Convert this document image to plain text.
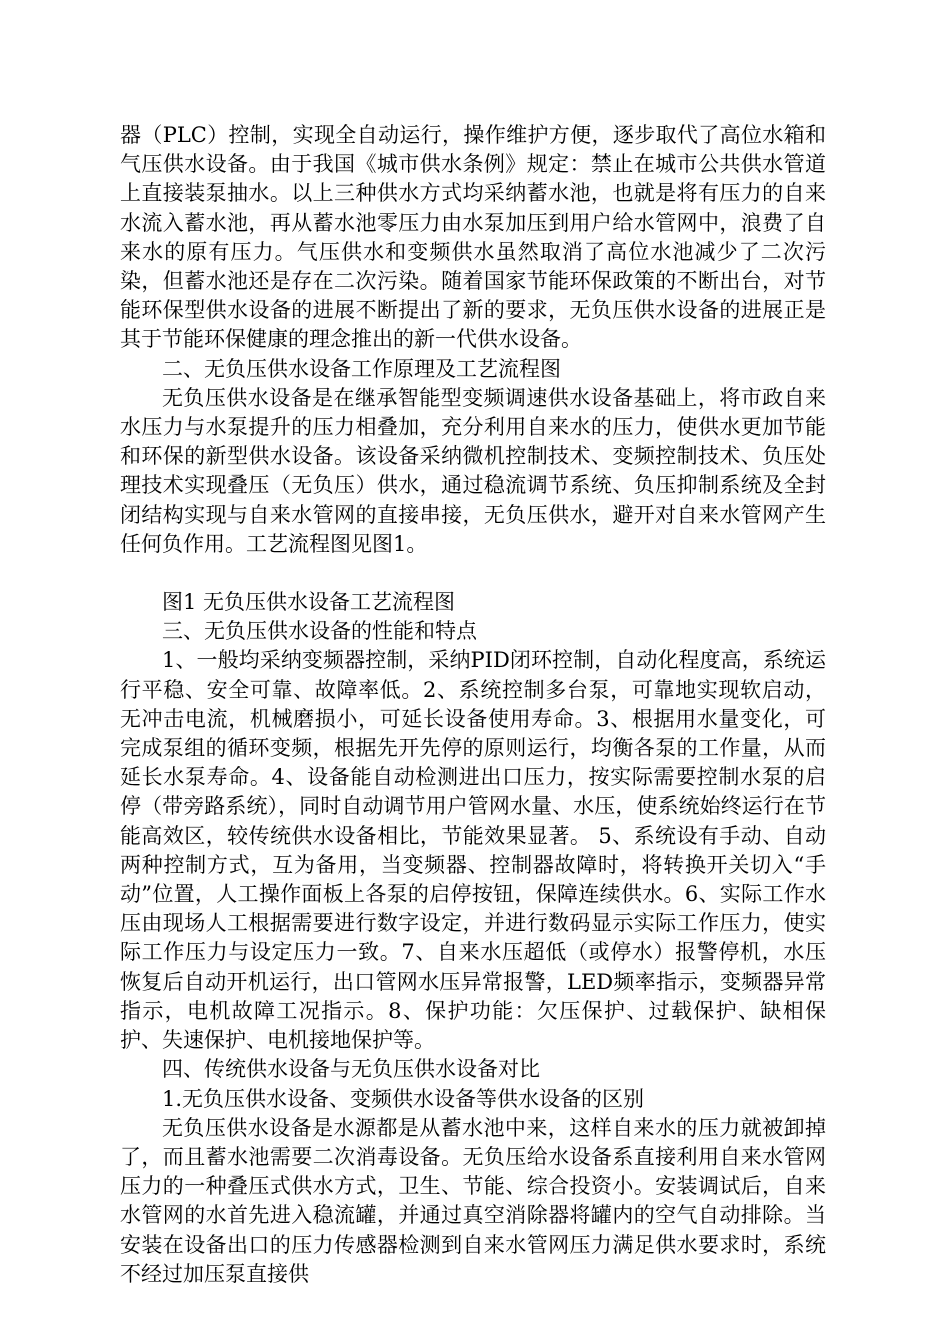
器（PLC）控制，实现全自动运行，操作维护方便，逐步取代了高位水箱和气压供水设备。由于我国《城市供水条例》规定：禁止在城市公共供水管道上直接装泵抽水。以上三种供水方式均采纳蓄水池，也就是将有压力的自来水流入蓄水池，再从蓄水池零压力由水泵加压到用户给水管网中，浪费了自来水的原有压力。气压供水和变频供水虽然取消了高位水池减少了二次污染，但蓄水池还是存在二次污染。随着国家节能环保政策的不断出台，对节能环保型供水设备的进展不断提出了新的要求，无负压供水设备的进展正是其于节能环保健康的理念推出的新一代供水设备。

二、无负压供水设备工作原理及工艺流程图

无负压供水设备是在继承智能型变频调速供水设备基础上，将市政自来水压力与水泵提升的压力相叠加，充分利用自来水的压力，使供水更加节能和环保的新型供水设备。该设备采纳微机控制技术、变频控制技术、负压处理技术实现叠压（无负压）供水，通过稳流调节系统、负压抑制系统及全封闭结构实现与自来水管网的直接串接，无负压供水，避开对自来水管网产生任何负作用。工艺流程图见图1。

图1 无负压供水设备工艺流程图

三、无负压供水设备的性能和特点

1、一般均采纳变频器控制，采纳PID闭环控制，自动化程度高，系统运行平稳、安全可靠、故障率低。2、系统控制多台泵，可靠地实现软启动，无冲击电流，机械磨损小，可延长设备使用寿命。3、根据用水量变化，可完成泵组的循环变频，根据先开先停的原则运行，均衡各泵的工作量，从而延长水泵寿命。4、设备能自动检测进出口压力，按实际需要控制水泵的启停（带旁路系统），同时自动调节用户管网水量、水压，使系统始终运行在节能高效区，较传统供水设备相比，节能效果显著。 5、系统设有手动、自动两种控制方式，互为备用，当变频器、控制器故障时，将转换开关切入“手动”位置，人工操作面板上各泵的启停按钮，保障连续供水。6、实际工作水压由现场人工根据需要进行数字设定，并进行数码显示实际工作压力，使实际工作压力与设定压力一致。7、自来水压超低（或停水）报警停机，水压恢复后自动开机运行，出口管网水压异常报警，LED频率指示，变频器异常指示，电机故障工况指示。8、保护功能：欠压保护、过载保护、缺相保护、失速保护、电机接地保护等。

四、传统供水设备与无负压供水设备对比

1.无负压供水设备、变频供水设备等供水设备的区别

无负压供水设备是水源都是从蓄水池中来，这样自来水的压力就被卸掉了，而且蓄水池需要二次消毒设备。无负压给水设备系直接利用自来水管网压力的一种叠压式供水方式，卫生、节能、综合投资小。安装调试后，自来水管网的水首先进入稳流罐，并通过真空消除器将罐内的空气自动排除。当安装在设备出口的压力传感器检测到自来水管网压力满足供水要求时，系统不经过加压泵直接供
